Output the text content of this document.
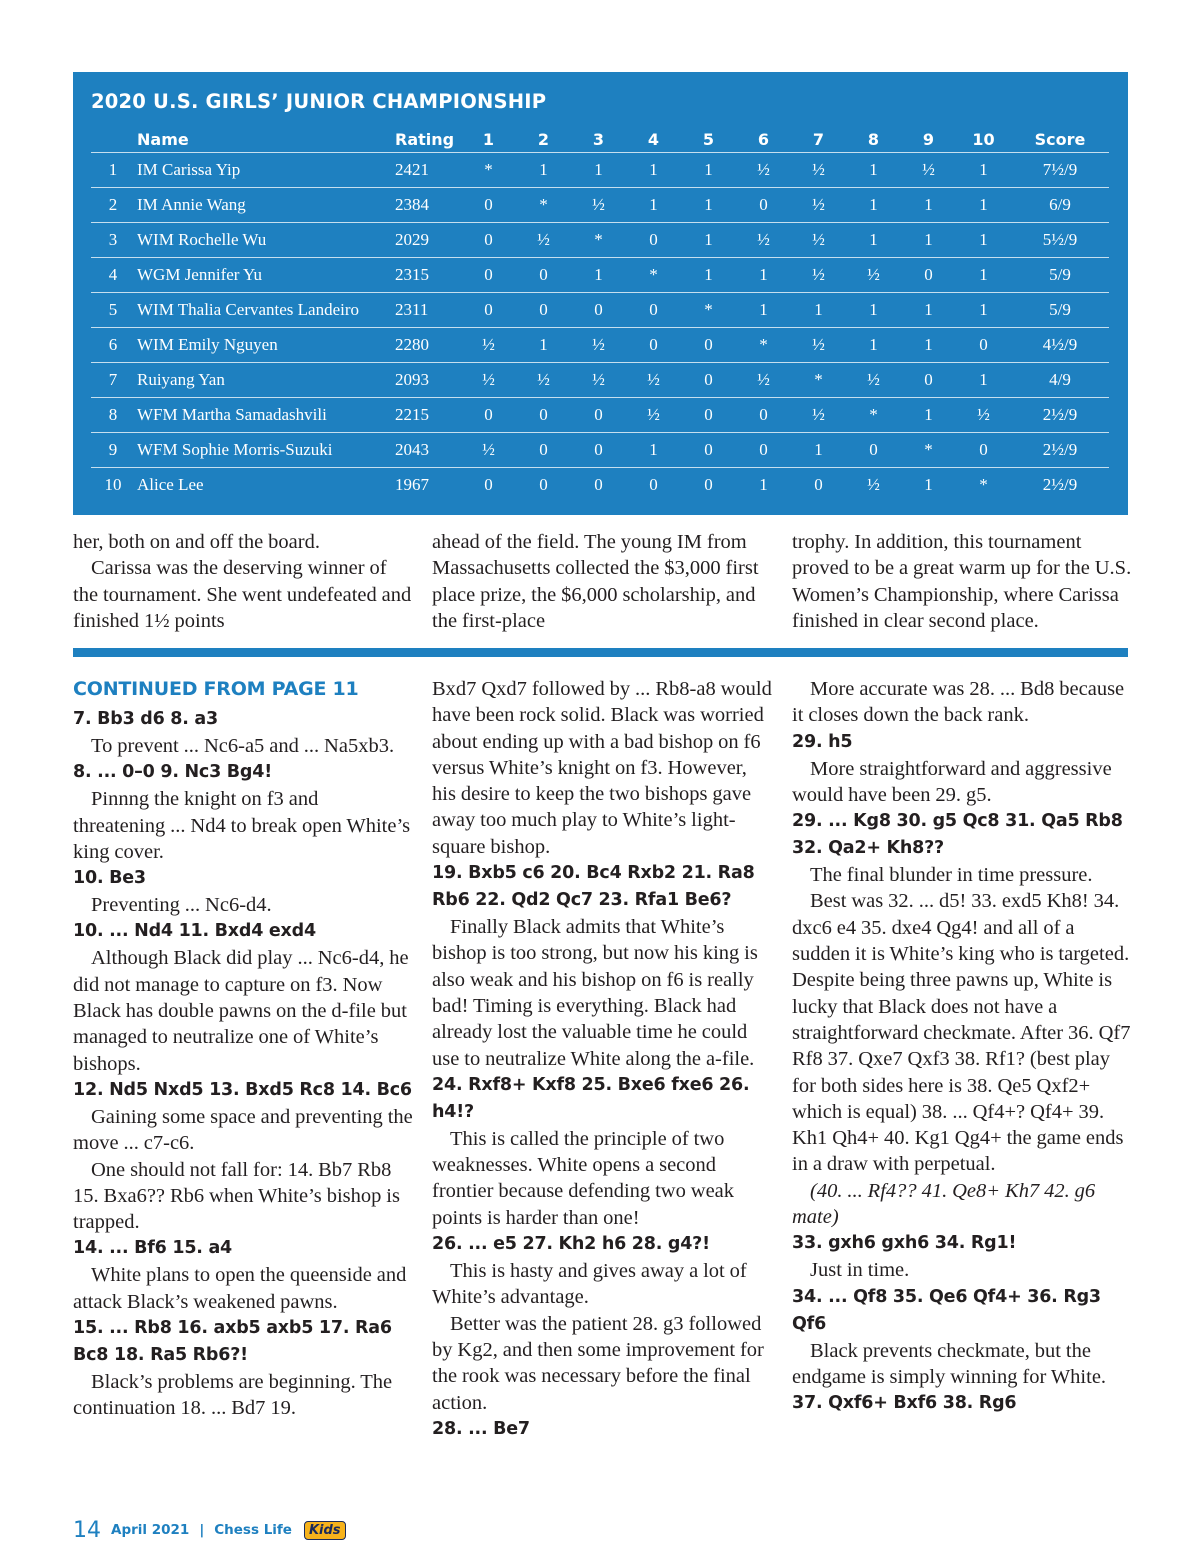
2020 U.S. GIRLS’ JUNIOR CHAMPIONSHIP
	Name	Rating	1	2	3	4	5	6	7	8	9	10	Score
1	IM Carissa Yip	2421	*	1	1	1	1	½	½	1	½	1	7½/9
2	IM Annie Wang	2384	0	*	½	1	1	0	½	1	1	1	6/9
3	WIM Rochelle Wu	2029	0	½	*	0	1	½	½	1	1	1	5½/9
4	WGM Jennifer Yu	2315	0	0	1	*	1	1	½	½	0	1	5/9
5	WIM Thalia Cervantes Landeiro	2311	0	0	0	0	*	1	1	1	1	1	5/9
6	WIM Emily Nguyen	2280	½	1	½	0	0	*	½	1	1	0	4½/9
7	Ruiyang Yan	2093	½	½	½	½	0	½	*	½	0	1	4/9
8	WFM Martha Samadashvili	2215	0	0	0	½	0	0	½	*	1	½	2½/9
9	WFM Sophie Morris-Suzuki	2043	½	0	0	1	0	0	1	0	*	0	2½/9
10	Alice Lee	1967	0	0	0	0	0	1	0	½	1	*	2½/9

her, both on and off the board.

Carissa was the deserving winner of the tournament. She went undefeated and finished 1½ points

ahead of the field. The young IM from Massachusetts collected the $3,000 first place prize, the $6,000 scholarship, and the first-place

trophy. In addition, this tournament proved to be a great warm up for the U.S. Women’s Championship, where Carissa finished in clear second place.

CONTINUED FROM PAGE 11

7. Bb3 d6 8. a3

To prevent ... Nc6-a5 and ... Na5xb3.

8. ... 0–0 9. Nc3 Bg4!

Pinnng the knight on f3 and threatening ... Nd4 to break open White’s king cover.

10. Be3

Preventing ... Nc6-d4.

10. ... Nd4 11. Bxd4 exd4

Although Black did play ... Nc6-d4, he did not manage to capture on f3. Now Black has double pawns on the d-file but managed to neutralize one of White’s bishops.

12. Nd5 Nxd5 13. Bxd5 Rc8 14. Bc6

Gaining some space and preventing the move ... c7-c6.

One should not fall for: 14. Bb7 Rb8 15. Bxa6?? Rb6 when White’s bishop is trapped.

14. ... Bf6 15. a4

White plans to open the queenside and attack Black’s weakened pawns.

15. ... Rb8 16. axb5 axb5 17. Ra6 Bc8 18. Ra5 Rb6?!

Black’s problems are beginning. The continuation 18. ... Bd7 19.

Bxd7 Qxd7 followed by ... Rb8-a8 would have been rock solid. Black was worried about ending up with a bad bishop on f6 versus White’s knight on f3. However, his desire to keep the two bishops gave away too much play to White’s light-square bishop.

19. Bxb5 c6 20. Bc4 Rxb2 21. Ra8 Rb6 22. Qd2 Qc7 23. Rfa1 Be6?

Finally Black admits that White’s bishop is too strong, but now his king is also weak and his bishop on f6 is really bad! Timing is everything. Black had already lost the valuable time he could use to neutralize White along the a-file.

24. Rxf8+ Kxf8 25. Bxe6 fxe6 26. h4!?

This is called the principle of two weaknesses. White opens a second frontier because defending two weak points is harder than one!

26. ... e5 27. Kh2 h6 28. g4?!

This is hasty and gives away a lot of White’s advantage.

Better was the patient 28. g3 followed by Kg2, and then some improvement for the rook was necessary before the final action.

28. ... Be7

More accurate was 28. ... Bd8 because it closes down the back rank.

29. h5

More straightforward and aggressive would have been 29. g5.

29. ... Kg8 30. g5 Qc8 31. Qa5 Rb8 32. Qa2+ Kh8??

The final blunder in time pressure.

Best was 32. ... d5! 33. exd5 Kh8! 34. dxc6 e4 35. dxe4 Qg4! and all of a sudden it is White’s king who is targeted. Despite being three pawns up, White is lucky that Black does not have a straightforward checkmate. After 36. Qf7 Rf8 37. Qxe7 Qxf3 38. Rf1? (best play for both sides here is 38. Qe5 Qxf2+ which is equal) 38. ... Qf4+? Qf4+ 39. Kh1 Qh4+ 40. Kg1 Qg4+ the game ends in a draw with perpetual.

(40. ... Rf4?? 41. Qe8+ Kh7 42. g6 mate)

33. gxh6 gxh6 34. Rg1!

Just in time.

34. ... Qf8 35. Qe6 Qf4+ 36. Rg3 Qf6

Black prevents checkmate, but the endgame is simply winning for White.

37. Qxf6+ Bxf6 38. Rg6

14 April 2021 | Chess Life	Kids
